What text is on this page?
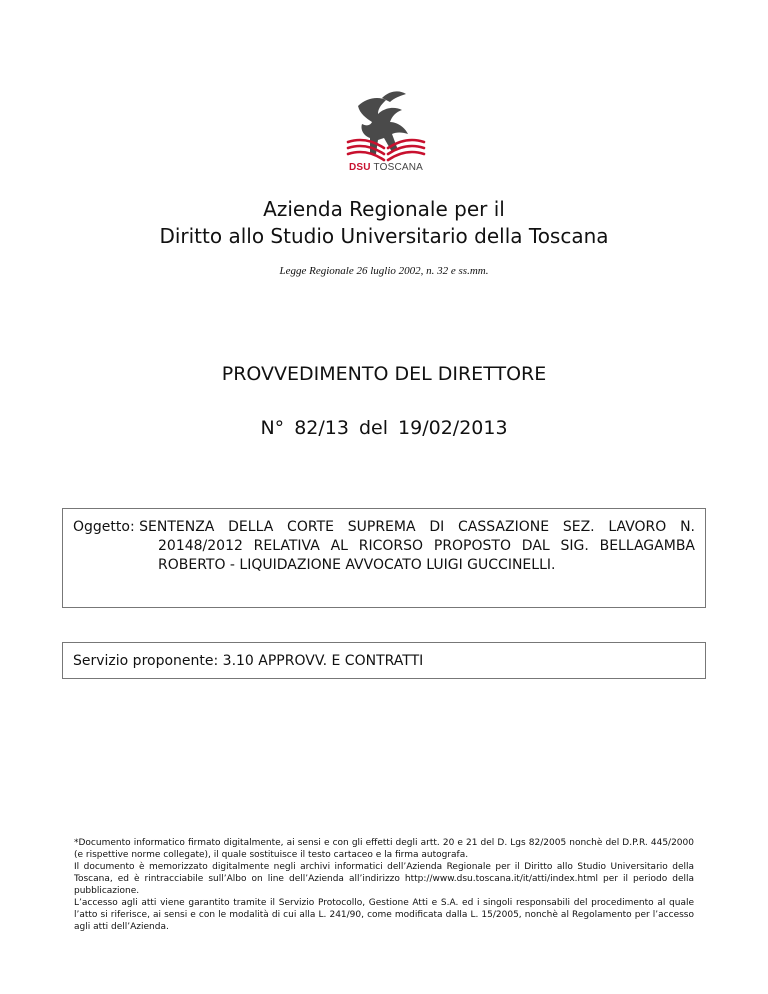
DSU TOSCANA
Azienda Regionale per il
Diritto allo Studio Universitario della Toscana
Legge Regionale 26 luglio 2002, n. 32 e ss.mm.
PROVVEDIMENTO DEL DIRETTORE
N° 82/13 del 19/02/2013
Oggetto: SENTENZA DELLA CORTE SUPREMA DI CASSAZIONE SEZ. LAVORO N.
20148/2012 RELATIVA AL RICORSO PROPOSTO DAL SIG. BELLAGAMBA ROBERTO - LIQUIDAZIONE AVVOCATO LUIGI GUCCINELLI.
Servizio proponente: 3.10 APPROVV. E CONTRATTI

*Documento informatico firmato digitalmente, ai sensi e con gli effetti degli artt. 20 e 21 del D. Lgs 82/2005 nonchè del D.P.R. 445/2000 (e rispettive norme collegate), il quale sostituisce il testo cartaceo e la firma autografa.

Il documento è memorizzato digitalmente negli archivi informatici dell’Azienda Regionale per il Diritto allo Studio Universitario della Toscana, ed è rintracciabile sull’Albo on line dell’Azienda all’indirizzo http://www.dsu.toscana.it/it/atti/index.html per il periodo della pubblicazione.

L’accesso agli atti viene garantito tramite il Servizio Protocollo, Gestione Atti e S.A. ed i singoli responsabili del procedimento al quale l’atto si riferisce, ai sensi e con le modalità di cui alla L. 241/90, come modificata dalla L. 15/2005, nonchè al Regolamento per l’accesso agli atti dell’Azienda.
